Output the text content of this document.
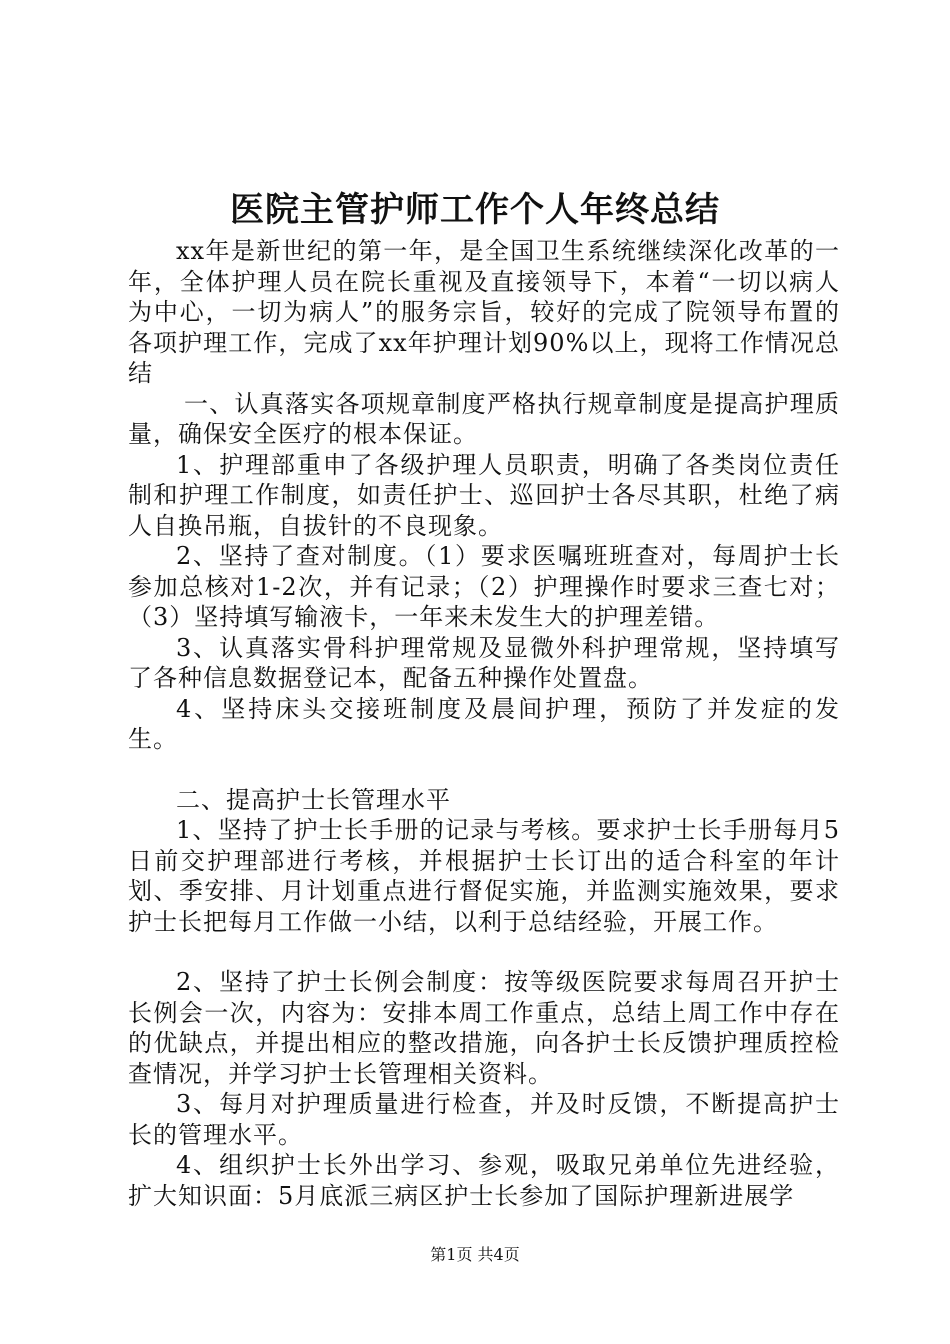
医院主管护师工作个人年终总结

xx年是新世纪的第一年，是全国卫生系统继续深化改革的一年，全体护理人员在院长重视及直接领导下，本着“一切以病人为中心，一切为病人”的服务宗旨，较好的完成了院领导布置的各项护理工作，完成了xx年护理计划90%以上，现将工作情况总结

一、认真落实各项规章制度严格执行规章制度是提高护理质量，确保安全医疗的根本保证。

1、护理部重申了各级护理人员职责，明确了各类岗位责任制和护理工作制度，如责任护士、巡回护士各尽其职，杜绝了病人自换吊瓶，自拔针的不良现象。

2、坚持了查对制度。（1）要求医嘱班班查对，每周护士长参加总核对1-2次，并有记录；（2）护理操作时要求三查七对；（3）坚持填写输液卡，一年来未发生大的护理差错。

3、认真落实骨科护理常规及显微外科护理常规，坚持填写了各种信息数据登记本，配备五种操作处置盘。

4、坚持床头交接班制度及晨间护理，预防了并发症的发生。

二、提高护士长管理水平

1、坚持了护士长手册的记录与考核。要求护士长手册每月5日前交护理部进行考核，并根据护士长订出的适合科室的年计划、季安排、月计划重点进行督促实施，并监测实施效果，要求护士长把每月工作做一小结，以利于总结经验，开展工作。

2、坚持了护士长例会制度：按等级医院要求每周召开护士长例会一次，内容为：安排本周工作重点，总结上周工作中存在的优缺点，并提出相应的整改措施，向各护士长反馈护理质控检查情况，并学习护士长管理相关资料。

3、每月对护理质量进行检查，并及时反馈，不断提高护士长的管理水平。

4、组织护士长外出学习、参观，吸取兄弟单位先进经验，扩大知识面：5月底派三病区护士长参加了国际护理新进展学

第1页 共4页
